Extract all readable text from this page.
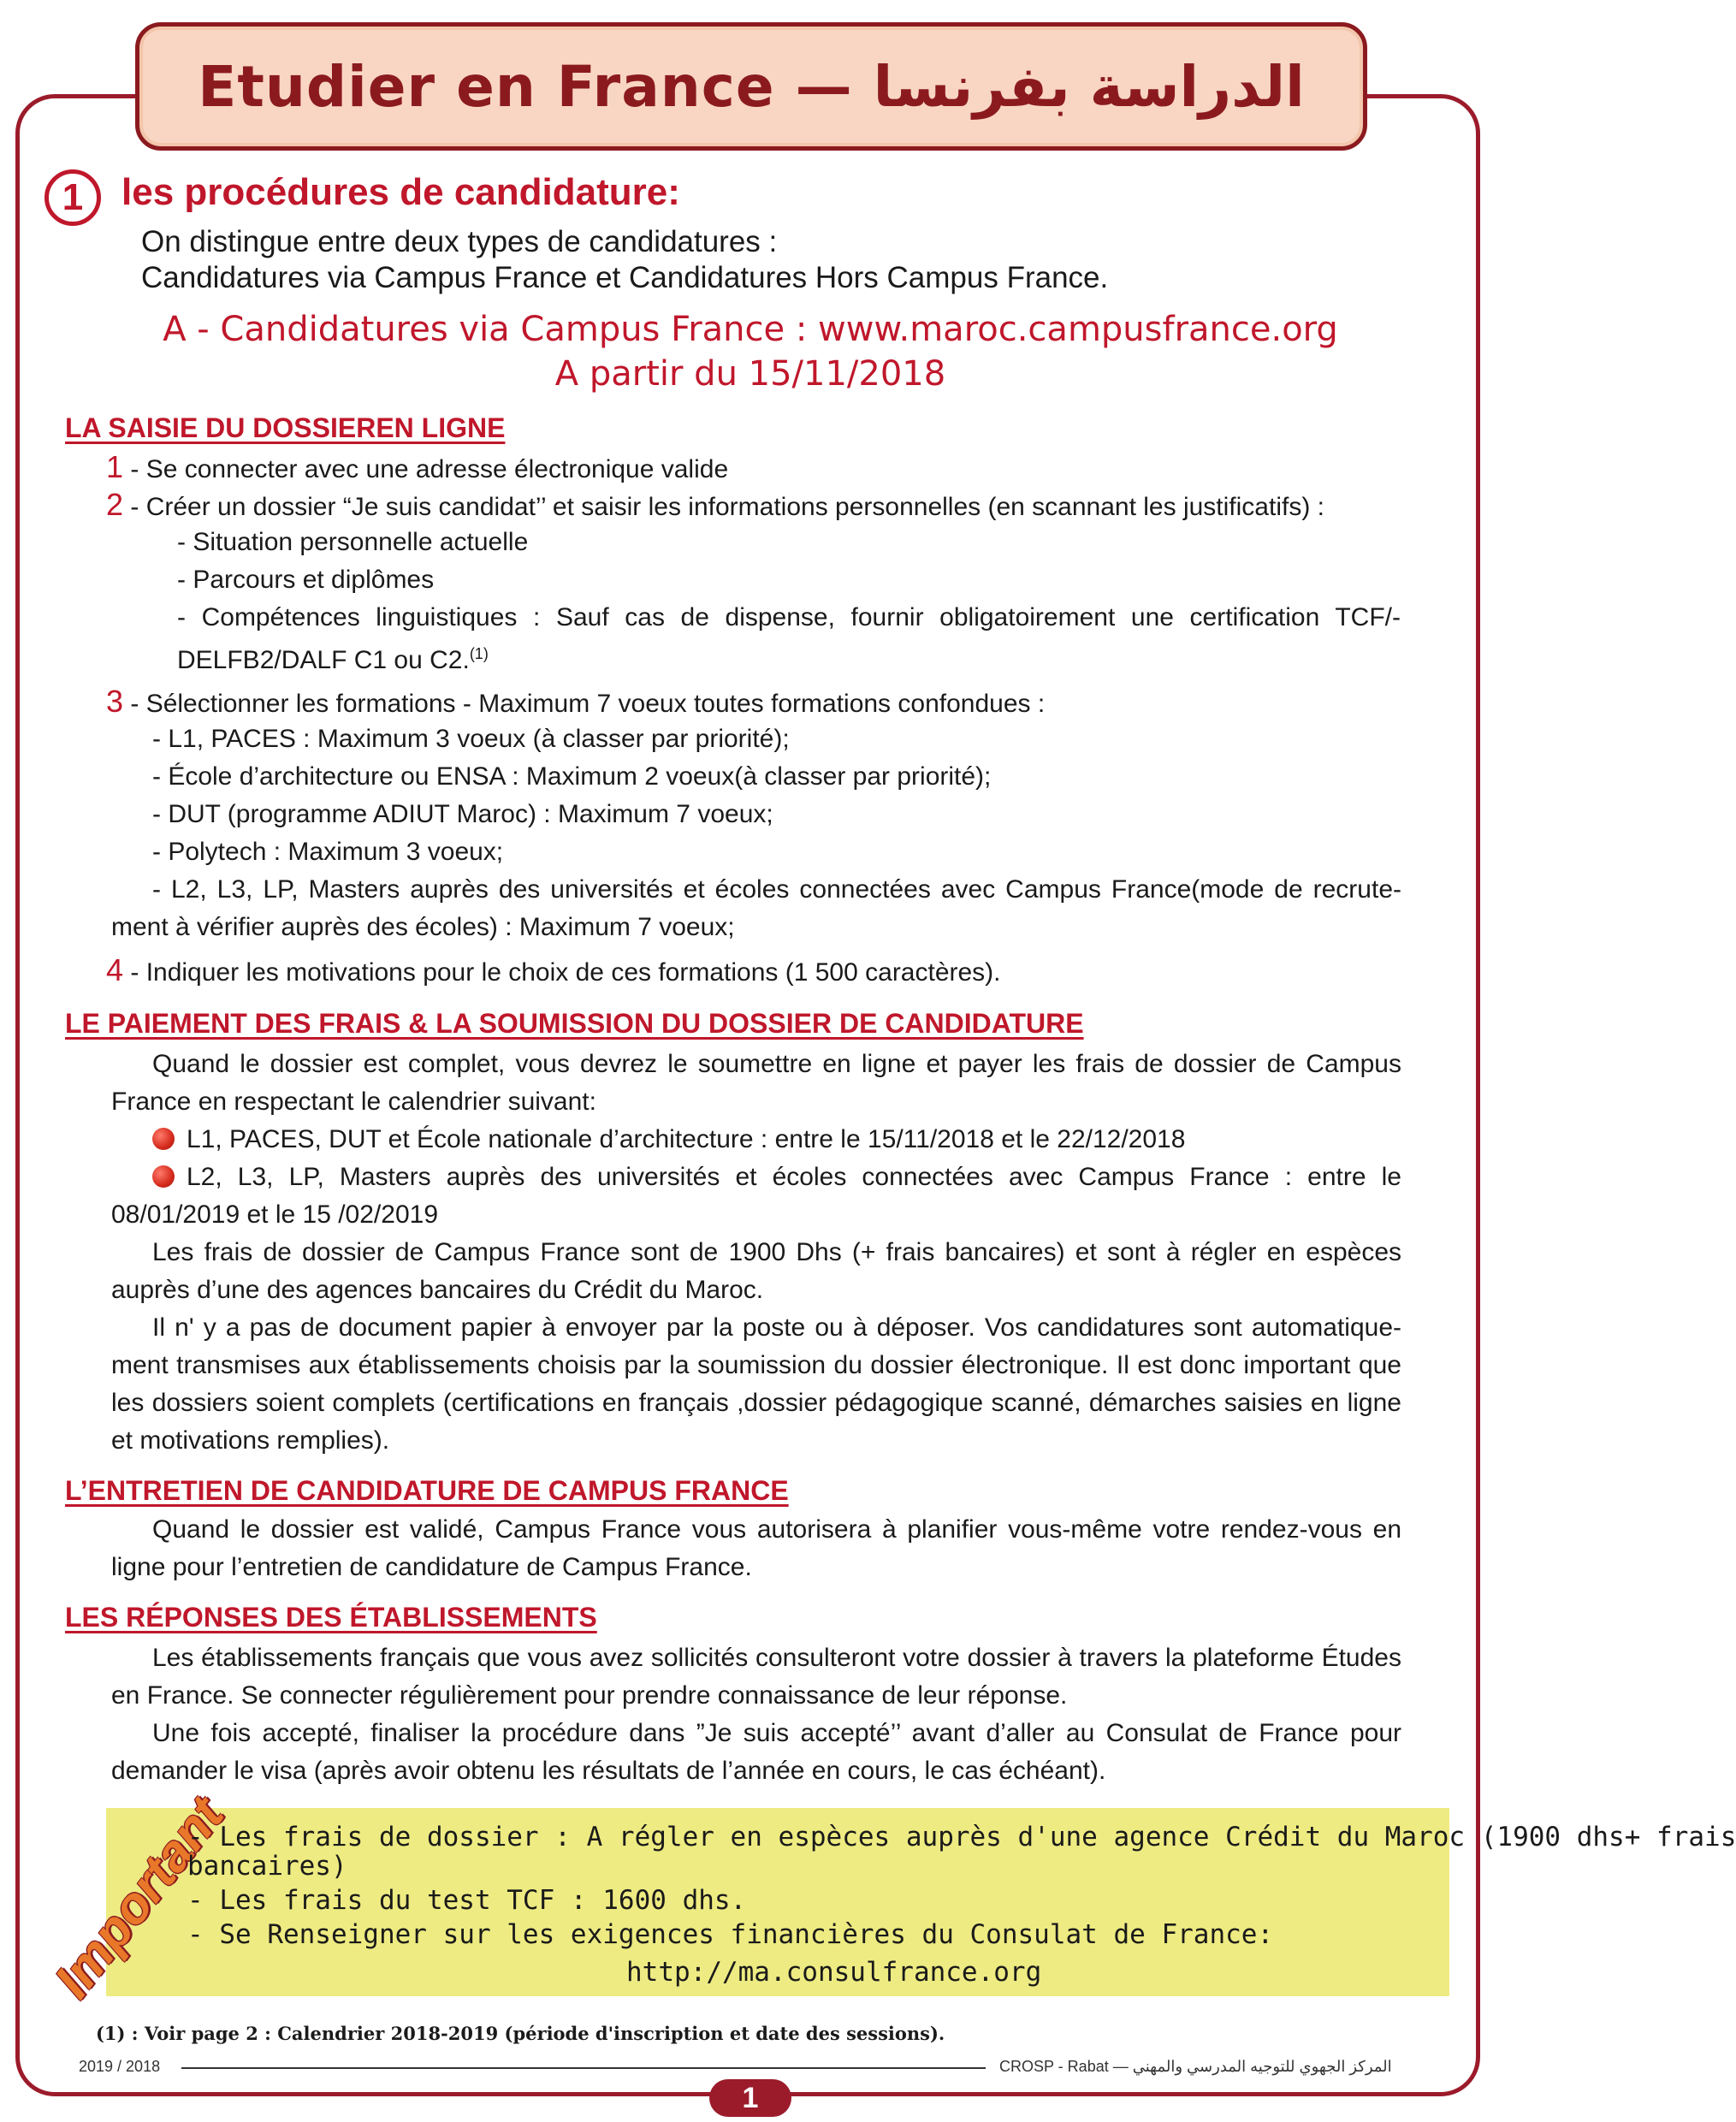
Etudier en France — الدراسة بفرنسا
1	les procédures de candidature:
On distingue entre deux types de candidatures :
Candidatures via Campus France et Candidatures Hors Campus France.
A - Candidatures via Campus France : www.maroc.campusfrance.org
A partir du 15/11/2018
LA SAISIE DU DOSSIEREN LIGNE
1 - Se connecter avec une adresse électronique valide
2 - Créer un dossier “Je suis candidat’’ et saisir les informations personnelles (en scannant les justificatifs) :
- Situation personnelle actuelle
- Parcours et diplômes
- Compétences linguistiques : Sauf cas de dispense, fournir obligatoirement une certification TCF/-
DELFB2/DALF C1 ou C2.$^{(1)}$
3 - Sélectionner les formations - Maximum 7 voeux toutes formations confondues :
- L1, PACES : Maximum 3 voeux (à classer par priorité);
- École d’architecture ou ENSA : Maximum 2 voeux(à classer par priorité);
- DUT (programme ADIUT Maroc) : Maximum 7 voeux;
- Polytech : Maximum 3 voeux;
- L2, L3, LP, Masters auprès des universités et écoles connectées avec Campus France(mode de recrute-
ment à vérifier auprès des écoles) : Maximum 7 voeux;
4 - Indiquer les motivations pour le choix de ces formations (1 500 caractères).
LE PAIEMENT DES FRAIS & LA SOUMISSION DU DOSSIER DE CANDIDATURE
Quand le dossier est complet, vous devrez le soumettre en ligne et payer les frais de dossier de Campus France en respectant le calendrier suivant:
L1, PACES, DUT et École nationale d’architecture : entre le 15/11/2018 et le 22/12/2018
L2, L3, LP, Masters auprès des universités et écoles connectées avec Campus France : entre le 08/01/2019 et le 15 /02/2019
Les frais de dossier de Campus France sont de 1900 Dhs (+ frais bancaires) et sont à régler en espèces auprès d’une des agences bancaires du Crédit du Maroc.
Il n' y a pas de document papier à envoyer par la poste ou à déposer. Vos candidatures sont automatique-ment transmises aux établissements choisis par la soumission du dossier électronique. Il est donc important que les dossiers soient complets (certifications en français ,dossier pédagogique scanné, démarches saisies en ligne et motivations remplies).
L’ENTRETIEN DE CANDIDATURE DE CAMPUS FRANCE
Quand le dossier est validé, Campus France vous autorisera à planifier vous-même votre rendez-vous en ligne pour l’entretien de candidature de Campus France.
LES RÉPONSES DES ÉTABLISSEMENTS
Les établissements français que vous avez sollicités consulteront votre dossier à travers la plateforme Études en France. Se connecter régulièrement pour prendre connaissance de leur réponse.
Une fois accepté, finaliser la procédure dans ”Je suis accepté’’ avant d’aller au Consulat de France pour demander le visa (après avoir obtenu les résultats de l’année en cours, le cas échéant).
Important
- Les frais de dossier : A régler en espèces auprès d'une agence Crédit du Maroc (1900 dhs+ frais
bancaires)
- Les frais du test TCF : 1600 dhs.
- Se Renseigner sur les exigences financières du Consulat de France:
http://ma.consulfrance.org
(1) : Voir page 2 : Calendrier 2018-2019 (période d'inscription et date des sessions).
2019 / 2018	CROSP - Rabat — المركز الجهوي للتوجيه المدرسي والمهني
1
